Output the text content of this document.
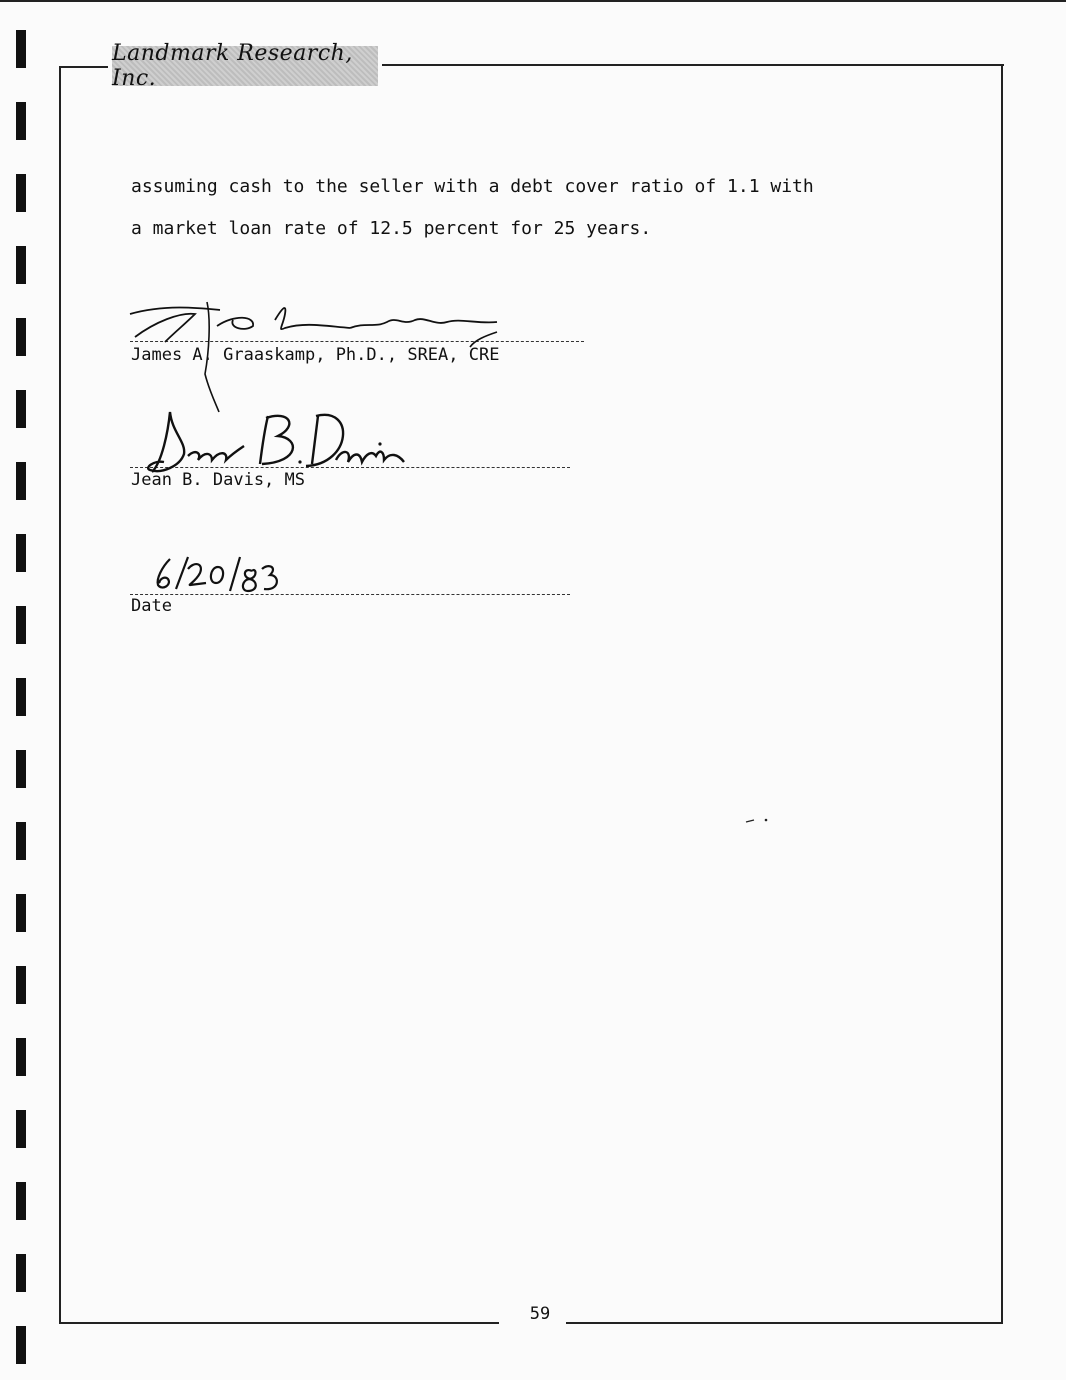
Landmark Research, Inc.
assuming cash to the seller with a debt cover ratio of 1.1 with
a market loan rate of 12.5 percent for 25 years.
James A. Graaskamp, Ph.D., SREA, CRE
Jean B. Davis, MS
Date
59
